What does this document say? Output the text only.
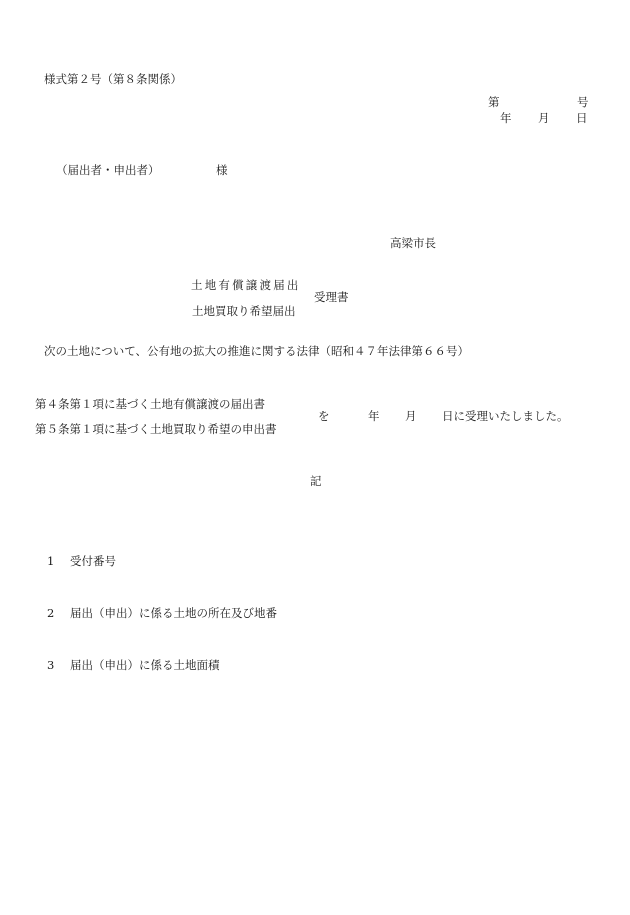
様式第２号（第８条関係）
第	号
年 月 日
（届出者・申出者）	様
高梁市長
土地有償譲渡届出
受理書
土地買取り希望届出
次の土地について、公有地の拡大の推進に関する法律（昭和４７年法律第６６号）
第４条第１項に基づく土地有償譲渡の届出書
を	年 月 日に受理いたしました。
第５条第１項に基づく土地買取り希望の申出書
記
1 受付番号
2 届出（申出）に係る土地の所在及び地番
3 届出（申出）に係る土地面積
